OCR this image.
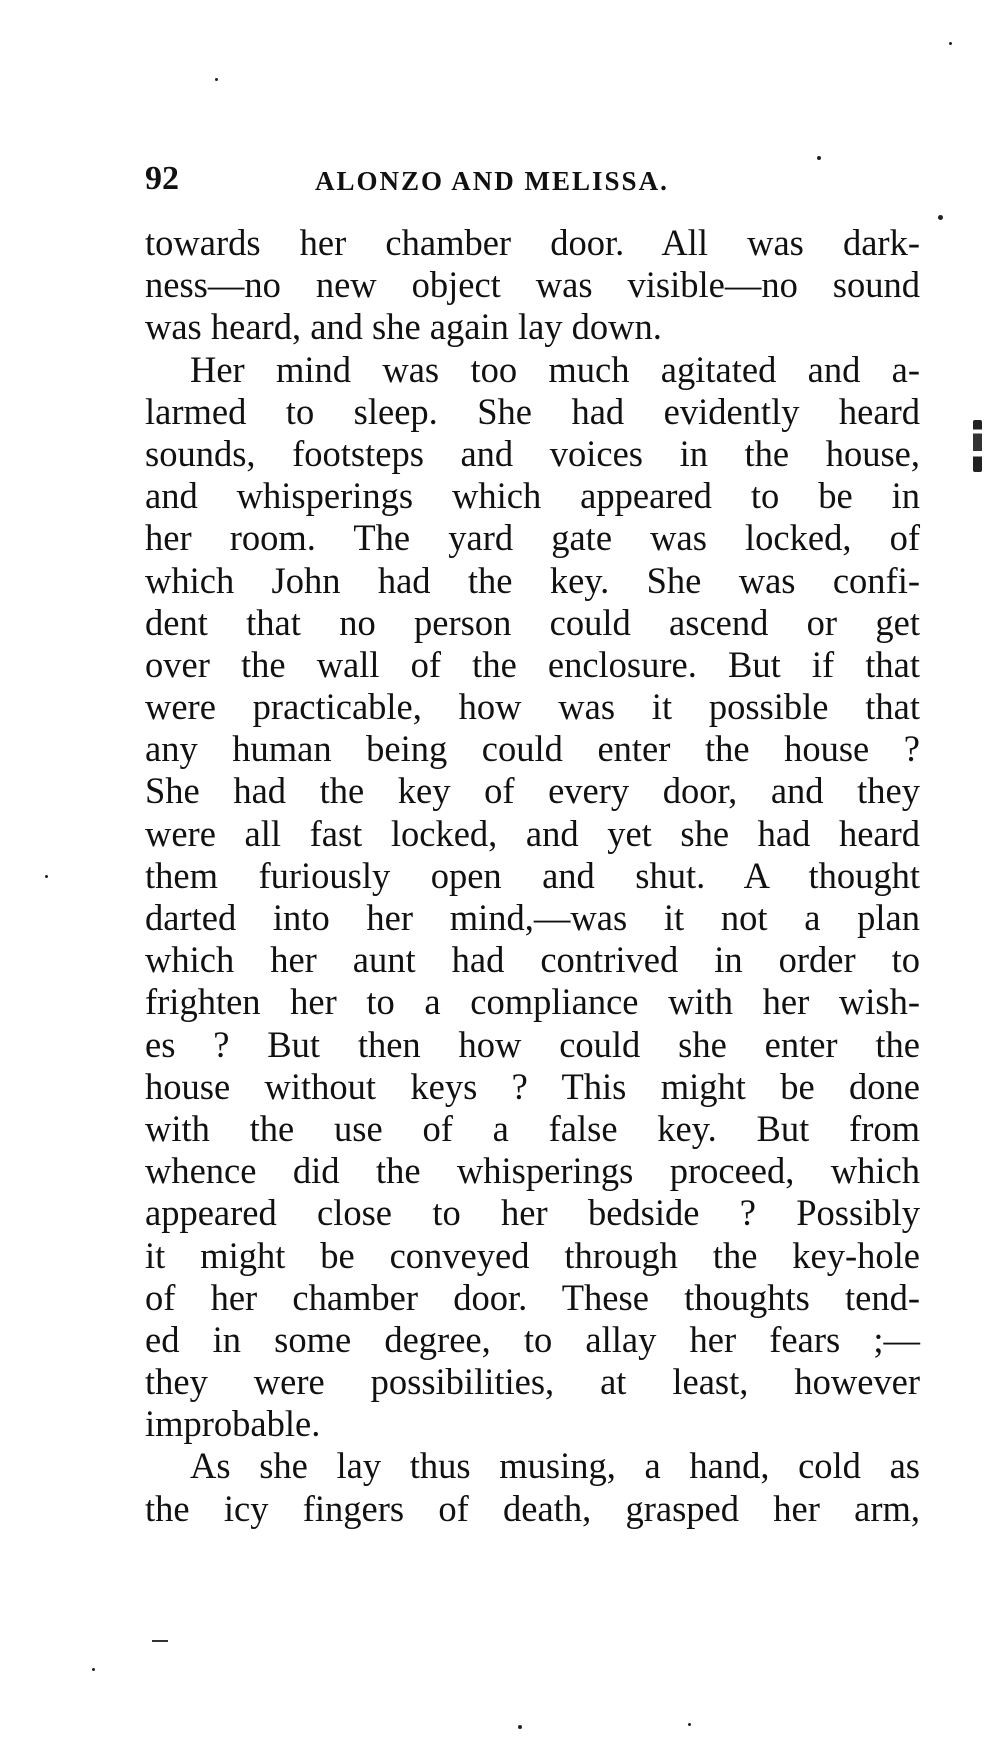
92	ALONZO AND MELISSA.
towards her chamber door. All was dark-
ness—no new object was visible—no sound
was heard, and she again lay down.
Her mind was too much agitated and a-
larmed to sleep. She had evidently heard
sounds, footsteps and voices in the house,
and whisperings which appeared to be in
her room. The yard gate was locked, of
which John had the key. She was confi-
dent that no person could ascend or get
over the wall of the enclosure. But if that
were practicable, how was it possible that
any human being could enter the house ?
She had the key of every door, and they
were all fast locked, and yet she had heard
them furiously open and shut. A thought
darted into her mind,—was it not a plan
which her aunt had contrived in order to
frighten her to a compliance with her wish-
es ? But then how could she enter the
house without keys ? This might be done
with the use of a false key. But from
whence did the whisperings proceed, which
appeared close to her bedside ? Possibly
it might be conveyed through the key-hole
of her chamber door. These thoughts tend-
ed in some degree, to allay her fears ;—
they were possibilities, at least, however
improbable.
As she lay thus musing, a hand, cold as
the icy fingers of death, grasped her arm,
